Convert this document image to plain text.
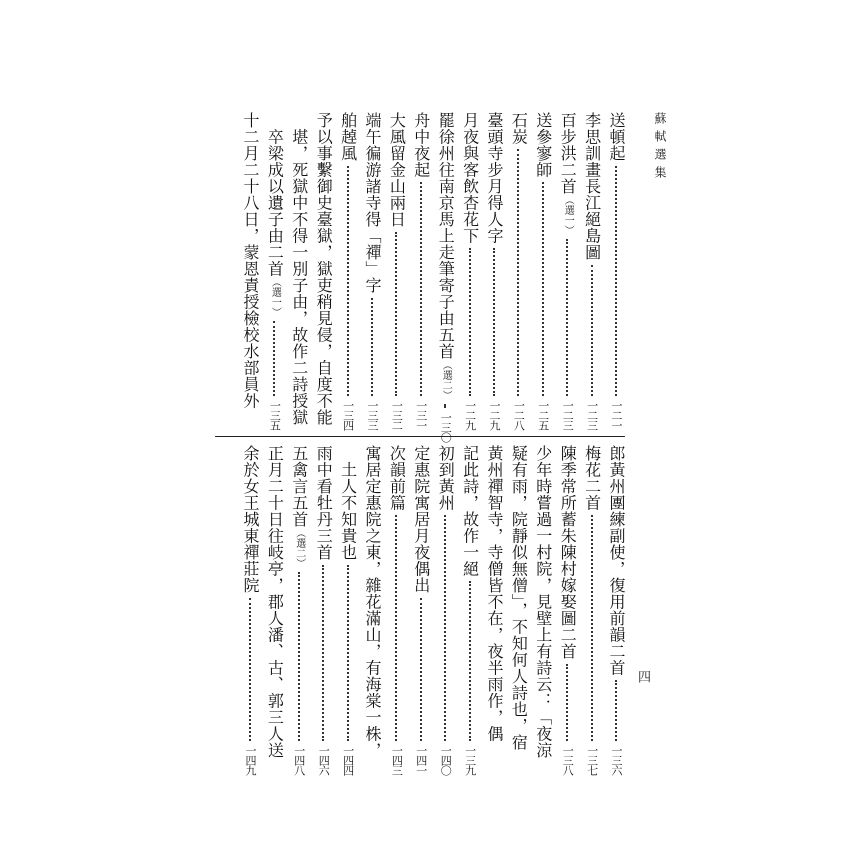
蘇軾選集
四
送頓起
一二一
李思訓畫長江絕島圖
一二三
百步洪二首
（選一）
一二三
送參寥師
一二五
石炭
一二八
臺頭寺步月得人字
一二九
月夜與客飲杏花下
一二九
罷徐州往南京馬上走筆寄子由五首
（選二）
一三〇
舟中夜起
一三一
大風留金山兩日
一三二
端午徧游諸寺得「禪」字
一三三
舶趠風
一三四
予以事繫御史臺獄，獄吏稍見侵，自度不能
　堪，死獄中不得一別子由，故作二詩授獄
　卒梁成以遺子由二首
（選一）
一三五
十二月二十八日，蒙恩責授檢校水部員外
郎黃州團練副使，復用前韻二首
一三六
梅花二首
一三七
陳季常所蓄朱陳村嫁娶圖二首
一三八
少年時嘗過一村院，見壁上有詩云：「夜涼
疑有雨，院靜似無僧」，不知何人詩也，宿
黃州禪智寺，寺僧皆不在，夜半雨作，偶
記此詩，故作一絕
一三九
初到黃州
一四〇
定惠院寓居月夜偶出
一四一
次韻前篇
一四三
寓居定惠院之東，雜花滿山，有海棠一株，
　土人不知貴也
一四四
雨中看牡丹三首
一四六
五禽言五首
（選二）
一四八
正月二十日往岐亭，郡人潘、古、郭三人送
余於女王城東禪莊院
一四九
